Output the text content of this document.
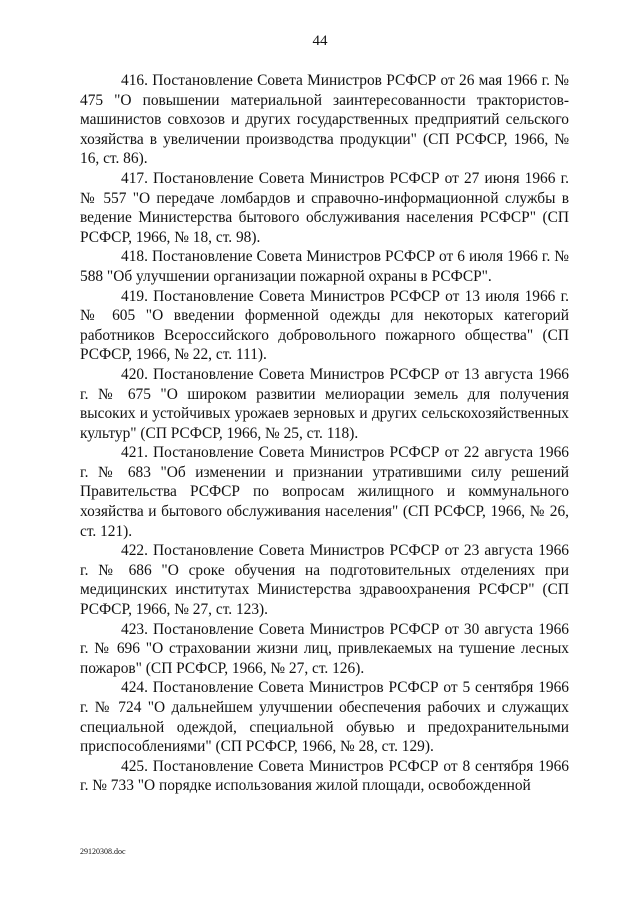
44

416. Постановление Совета Министров РСФСР от 26 мая 1966 г. № 475 "О повышении материальной заинтересованности трактористов-машинистов совхозов и других государственных предприятий сельского хозяйства в увеличении производства продукции" (СП РСФСР, 1966, № 16, ст. 86).

417. Постановление Совета Министров РСФСР от 27 июня 1966 г. № 557 "О передаче ломбардов и справочно-информационной службы в ведение Министерства бытового обслуживания населения РСФСР" (СП РСФСР, 1966, № 18, ст. 98).

418. Постановление Совета Министров РСФСР от 6 июля 1966 г. № 588 "Об улучшении организации пожарной охраны в РСФСР".

419. Постановление Совета Министров РСФСР от 13 июля 1966 г. № 605 "О введении форменной одежды для некоторых категорий работников Всероссийского добровольного пожарного общества" (СП РСФСР, 1966, № 22, ст. 111).

420. Постановление Совета Министров РСФСР от 13 августа 1966 г. № 675 "О широком развитии мелиорации земель для получения высоких и устойчивых урожаев зерновых и других сельскохозяйственных культур" (СП РСФСР, 1966, № 25, ст. 118).

421. Постановление Совета Министров РСФСР от 22 августа 1966 г. № 683 "Об изменении и признании утратившими силу решений Правительства РСФСР по вопросам жилищного и коммунального хозяйства и бытового обслуживания населения" (СП РСФСР, 1966, № 26, ст. 121).

422. Постановление Совета Министров РСФСР от 23 августа 1966 г. № 686 "О сроке обучения на подготовительных отделениях при медицинских институтах Министерства здравоохранения РСФСР" (СП РСФСР, 1966, № 27, ст. 123).

423. Постановление Совета Министров РСФСР от 30 августа 1966 г. № 696 "О страховании жизни лиц, привлекаемых на тушение лесных пожаров" (СП РСФСР, 1966, № 27, ст. 126).

424. Постановление Совета Министров РСФСР от 5 сентября 1966 г. № 724 "О дальнейшем улучшении обеспечения рабочих и служащих специальной одеждой, специальной обувью и предохранительными приспособлениями" (СП РСФСР, 1966, № 28, ст. 129).

425. Постановление Совета Министров РСФСР от 8 сентября 1966 г. № 733 "О порядке использования жилой площади, освобожденной

29120308.doc
